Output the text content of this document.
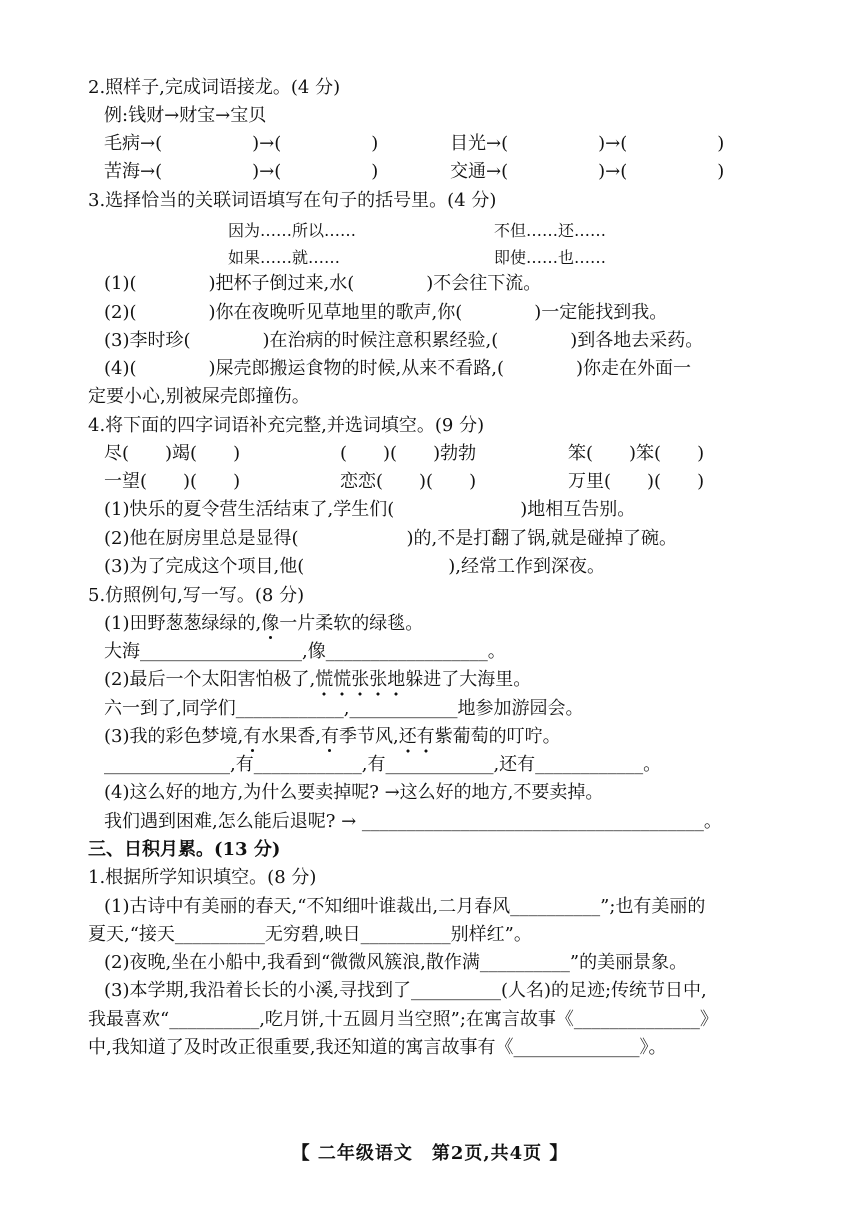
2.照样子,完成词语接龙。(4 分)
例:钱财→财宝→宝贝
毛病→(　　　　　)→(　　　　　)	目光→(　　　　　)→(　　　　　)
苦海→(　　　　　)→(　　　　　)	交通→(　　　　　)→(　　　　　)
3.选择恰当的关联词语填写在句子的括号里。(4 分)
因为……所以……	不但……还……
如果……就……	即使……也……
(1)(　　　　)把杯子倒过来,水(　　　　)不会往下流。
(2)(　　　　)你在夜晚听见草地里的歌声,你(　　　　)一定能找到我。
(3)李时珍(　　　　)在治病的时候注意积累经验,(　　　　)到各地去采药。
(4)(　　　　)屎壳郎搬运食物的时候,从来不看路,(　　　　)你走在外面一
定要小心,别被屎壳郎撞伤。
4.将下面的四字词语补充完整,并选词填空。(9 分)
尽(　　)竭(　　)	(　　)(　　)勃勃	笨(　　)笨(　　)
一望(　　)(　　)	恋恋(　　)(　　)	万里(　　)(　　)
(1)快乐的夏令营生活结束了,学生们(　　　　　　　)地相互告别。
(2)他在厨房里总是显得(　　　　　　)的,不是打翻了锅,就是碰掉了碗。
(3)为了完成这个项目,他(　　　　　　　　),经常工作到深夜。
5.仿照例句,写一写。(8 分)
(1)田野葱葱绿绿的,像一片柔软的绿毯。
大海__________________,像__________________。
(2)最后一个太阳害怕极了,慌慌张张地躲进了大海里。
六一到了,同学们____________,____________地参加游园会。
(3)我的彩色梦境,有水果香,有季节风,还有紫葡萄的叮咛。
______________,有____________,有____________,还有____________。
(4)这么好的地方,为什么要卖掉呢? →这么好的地方,不要卖掉。
我们遇到困难,怎么能后退呢? → ______________________________________。
三、日积月累。(13 分)
1.根据所学知识填空。(8 分)
(1)古诗中有美丽的春天,“不知细叶谁裁出,二月春风__________”;也有美丽的
夏天,“接天__________无穷碧,映日__________别样红”。
(2)夜晚,坐在小船中,我看到“微微风簇浪,散作满__________”的美丽景象。
(3)本学期,我沿着长长的小溪,寻找到了__________(人名)的足迹;传统节日中,
我最喜欢“__________,吃月饼,十五圆月当空照”;在寓言故事《______________》
中,我知道了及时改正很重要,我还知道的寓言故事有《______________》。
【 二年级语文　第2页,共4页 】
